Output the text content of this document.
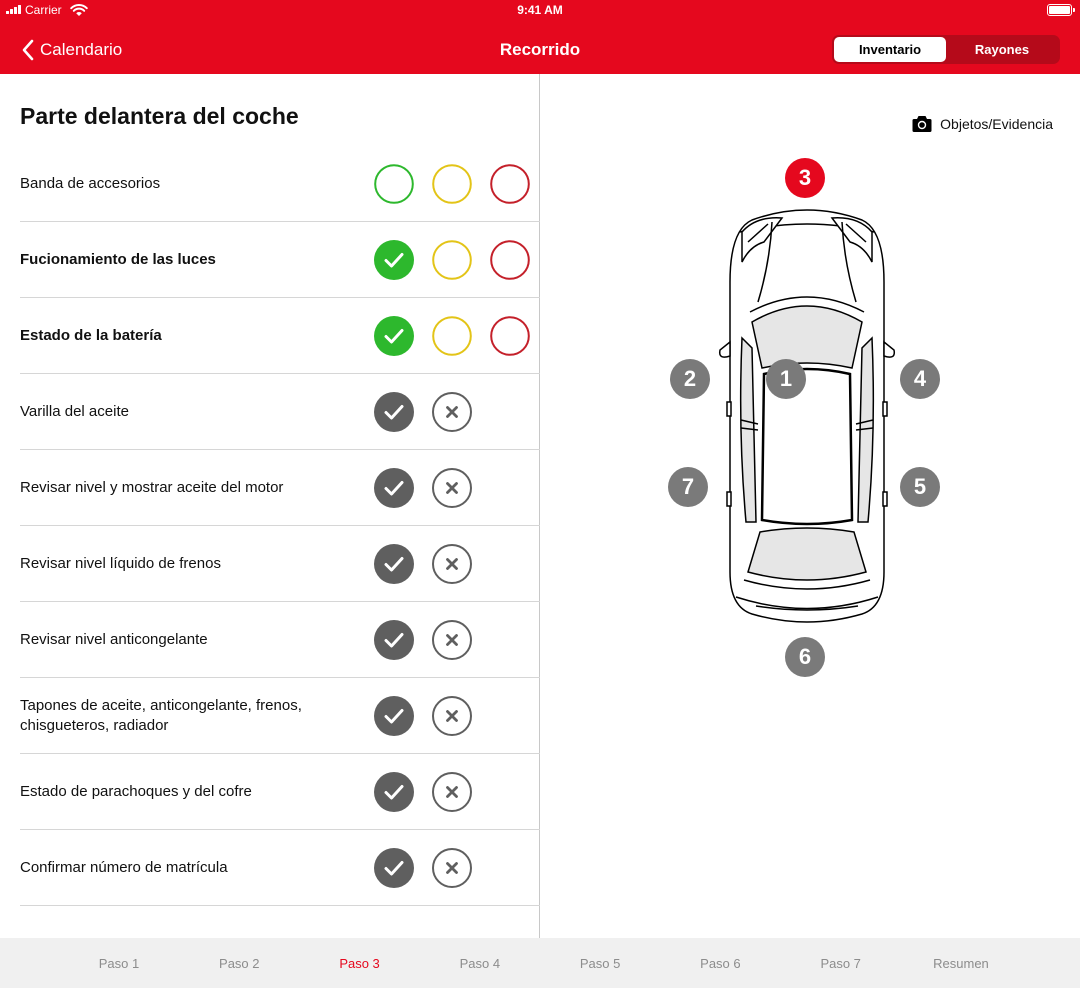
Carrier	9:41 AM
Calendario	Recorrido	Inventario	Rayones
Parte delantera del coche
Banda de accesorios
Fucionamiento de las luces
Estado de la batería
Varilla del aceite
Revisar nivel y mostrar aceite del motor
Revisar nivel líquido de frenos
Revisar nivel anticongelante
Tapones de aceite, anticongelante, frenos, chisgueteros, radiador
Estado de parachoques y del cofre
Confirmar número de matrícula
Objetos/Evidencia
3
2	1	4
7	5
6
Paso 1	Paso 2	Paso 3	Paso 4	Paso 5	Paso 6	Paso 7	Resumen
